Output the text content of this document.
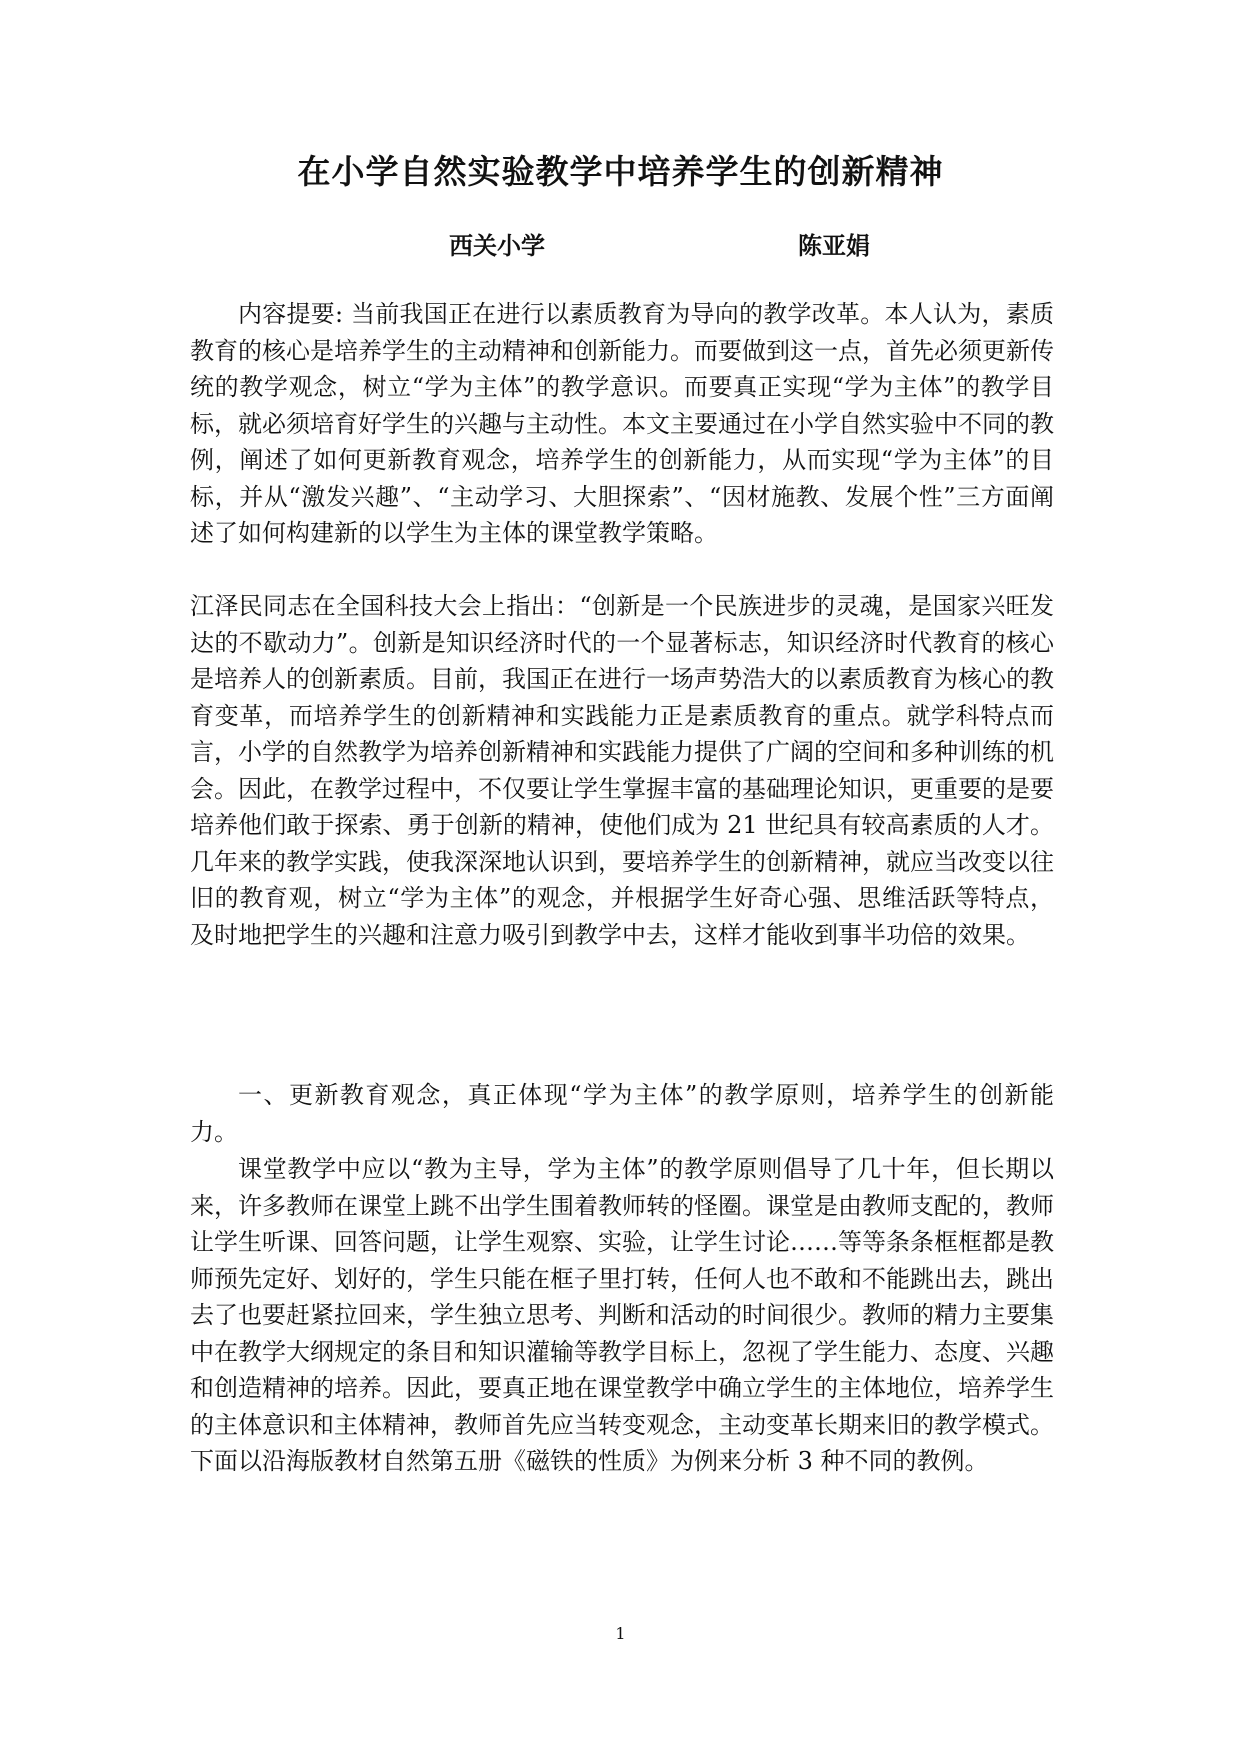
在小学自然实验教学中培养学生的创新精神
西关小学	陈亚娟

内容提要: 当前我国正在进行以素质教育为导向的教学改革。本人认为，素质教育的核心是培养学生的主动精神和创新能力。而要做到这一点，首先必须更新传统的教学观念，树立“学为主体”的教学意识。而要真正实现“学为主体”的教学目标，就必须培育好学生的兴趣与主动性。本文主要通过在小学自然实验中不同的教例，阐述了如何更新教育观念，培养学生的创新能力，从而实现“学为主体”的目标，并从“激发兴趣”、“主动学习、大胆探索”、“因材施教、发展个性”三方面阐述了如何构建新的以学生为主体的课堂教学策略。

江泽民同志在全国科技大会上指出：“创新是一个民族进步的灵魂，是国家兴旺发达的不歇动力”。创新是知识经济时代的一个显著标志，知识经济时代教育的核心是培养人的创新素质。目前，我国正在进行一场声势浩大的以素质教育为核心的教育变革，而培养学生的创新精神和实践能力正是素质教育的重点。就学科特点而言，小学的自然教学为培养创新精神和实践能力提供了广阔的空间和多种训练的机会。因此，在教学过程中，不仅要让学生掌握丰富的基础理论知识，更重要的是要培养他们敢于探索、勇于创新的精神，使他们成为 21 世纪具有较高素质的人才。几年来的教学实践，使我深深地认识到，要培养学生的创新精神，就应当改变以往旧的教育观，树立“学为主体”的观念，并根据学生好奇心强、思维活跃等特点，及时地把学生的兴趣和注意力吸引到教学中去，这样才能收到事半功倍的效果。

一、更新教育观念，真正体现“学为主体”的教学原则，培养学生的创新能力。

课堂教学中应以“教为主导，学为主体”的教学原则倡导了几十年，但长期以来，许多教师在课堂上跳不出学生围着教师转的怪圈。课堂是由教师支配的，教师让学生听课、回答问题，让学生观察、实验，让学生讨论……等等条条框框都是教师预先定好、划好的，学生只能在框子里打转，任何人也不敢和不能跳出去，跳出去了也要赶紧拉回来，学生独立思考、判断和活动的时间很少。教师的精力主要集中在教学大纲规定的条目和知识灌输等教学目标上，忽视了学生能力、态度、兴趣和创造精神的培养。因此，要真正地在课堂教学中确立学生的主体地位，培养学生的主体意识和主体精神，教师首先应当转变观念，主动变革长期来旧的教学模式。下面以沿海版教材自然第五册《磁铁的性质》为例来分析 3 种不同的教例。

1
